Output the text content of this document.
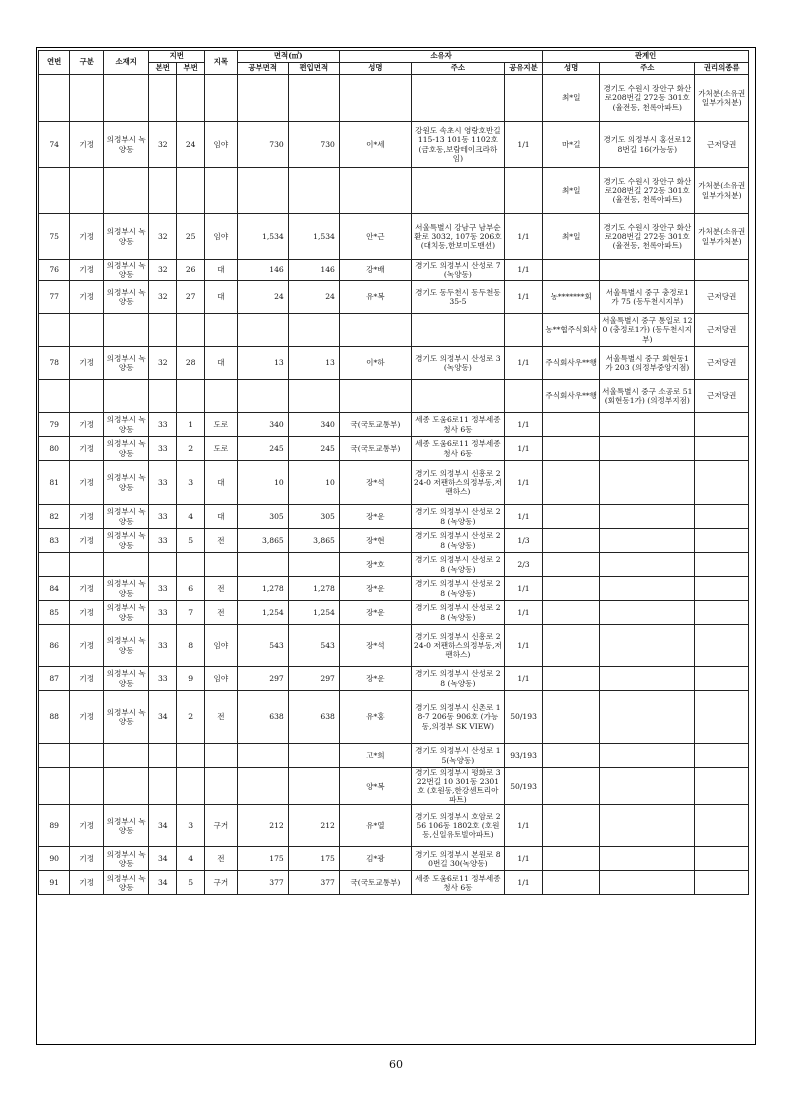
연번	구분	소재지	지번		지목	면적(㎡)		소유자			관계인		
			본번	부번		공부면적	편입면적	성명	주소	공유지분	성명	주소	권리의종류
											최*일	경기도 수원시 장안구 화산로208번길 272동 301호(율전동, 천록아파트)	가처분(소유권일부가처분)
74	기정	의정부시 녹양동	32	24	임야	730	730	이*세	강원도 속초시 영랑호반길 115-13 101동 1102호(금호동,보람테이크라하임)	1/1	마*길	경기도 의정부시 홍선로128번길 16(가능동)	근저당권
											최*일	경기도 수원시 장안구 화산로208번길 272동 301호(율전동, 천록아파트)	가처분(소유권일부가처분)
75	기정	의정부시 녹양동	32	25	임야	1,534	1,534	안*근	서울특별시 강남구 남부순환로 3032, 107동 206호(대치동,한보미도맨션)	1/1	최*일	경기도 수원시 장안구 화산로208번길 272동 301호(율전동, 천록아파트)	가처분(소유권일부가처분)
76	기정	의정부시 녹양동	32	26	대	146	146	강*배	경기도 의정부시 산성로 7(녹양동)	1/1			
77	기정	의정부시 녹양동	32	27	대	24	24	유*복	경기도 동두천시 동두천동 35-5	1/1	농*******회	서울특별시 중구 충정로1가 75 (동두천시지부)	근저당권
											농**협주식회사	서울특별시 중구 통일로 120 (충정로1가) (동두천시지부)	근저당권
78	기정	의정부시 녹양동	32	28	대	13	13	이*하	경기도 의정부시 산성로 3 (녹양동)	1/1	주식회사우**행	서울특별시 중구 회현동1가 203 (의정부중앙지점)	근저당권
											주식회사우**행	서울특별시 중구 소공로 51(회현동1가) (의정부지점)	근저당권
79	기정	의정부시 녹양동	33	1	도로	340	340	국(국토교통부)	세종 도움6로11 정부세종청사 6동	1/1			
80	기정	의정부시 녹양동	33	2	도로	245	245	국(국토교통부)	세종 도움6로11 정부세종청사 6동	1/1			
81	기정	의정부시 녹양동	33	3	대	10	10	장*석	경기도 의정부시 신흥로 224-0 저팬하스의정부동,저팬하스)	1/1			
82	기정	의정부시 녹양동	33	4	대	305	305	장*운	경기도 의정부시 산성로 28 (녹양동)	1/1			
83	기정	의정부시 녹양동	33	5	전	3,865	3,865	장*현	경기도 의정부시 산성로 28 (녹양동)	1/3			
								장*호	경기도 의정부시 산성로 28 (녹양동)	2/3			
84	기정	의정부시 녹양동	33	6	전	1,278	1,278	장*운	경기도 의정부시 산성로 28 (녹양동)	1/1			
85	기정	의정부시 녹양동	33	7	전	1,254	1,254	장*운	경기도 의정부시 산성로 28 (녹양동)	1/1			
86	기정	의정부시 녹양동	33	8	임야	543	543	장*석	경기도 의정부시 신흥로 224-0 저팬하스의정부동,저팬하스)	1/1			
87	기정	의정부시 녹양동	33	9	임야	297	297	장*운	경기도 의정부시 산성로 28 (녹양동)	1/1			
88	기정	의정부시 녹양동	34	2	전	638	638	유*홍	경기도 의정부시 신촌로 18-7 206동 906호 (가능동,의정부 SK VIEW)	50/193			
								고*희	경기도 의정부시 산성로 15(녹양동)	93/193			
								양*복	경기도 의정부시 평화로 322번길 10 301동 2301호 (호원동,한강센트리아파트)	50/193			
89	기정	의정부시 녹양동	34	3	구거	212	212	유*열	경기도 의정부시 호암로 256 106동 1802호 (호원동,신일유토빌아파트)	1/1			
90	기정	의정부시 녹양동	34	4	전	175	175	김*광	경기도 의정부시 본원로 80번길 30(녹양동)	1/1			
91	기정	의정부시 녹양동	34	5	구거	377	377	국(국토교통부)	세종 도움6로11 정부세종청사 6동	1/1			
60
